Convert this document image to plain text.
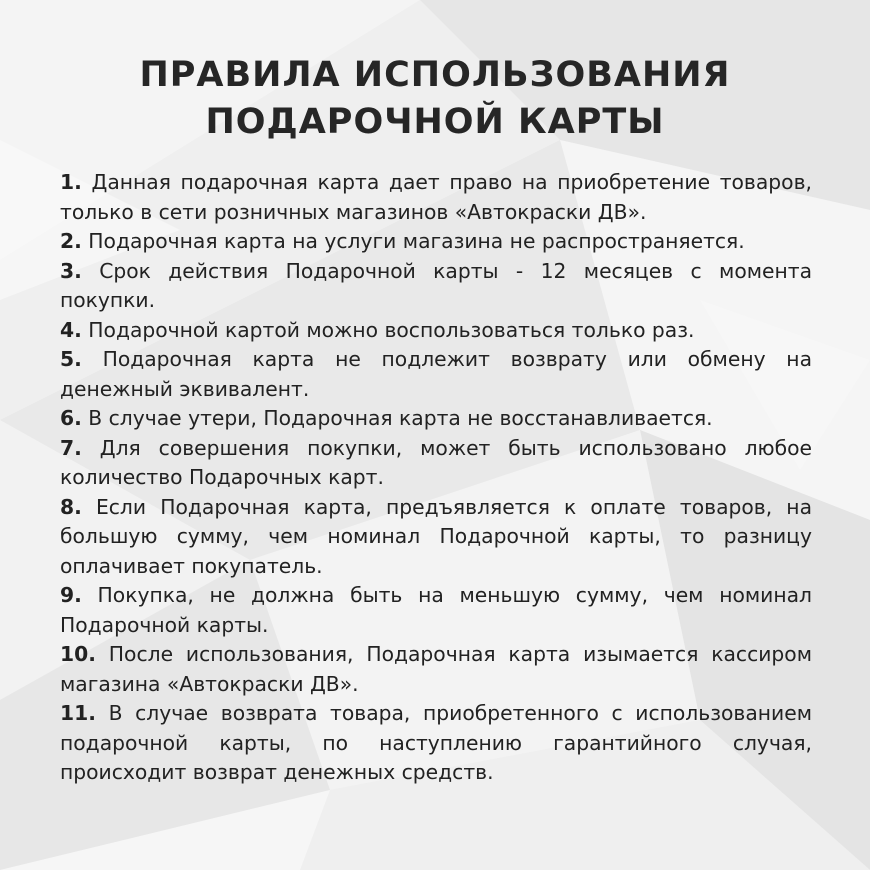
ПРАВИЛА ИСПОЛЬЗОВАНИЯ
ПОДАРОЧНОЙ КАРТЫ
1. Данная подарочная карта дает право на приобретение товаров, только в сети розничных магазинов «Автокраски ДВ».
2. Подарочная карта на услуги магазина не распространяется.
3. Срок действия Подарочной карты - 12 месяцев с момента покупки.
4. Подарочной картой можно воспользоваться только раз.
5. Подарочная карта не подлежит возврату или обмену на денежный эквивалент.
6. В случае утери, Подарочная карта не восстанавливается.
7. Для совершения покупки, может быть использовано любое количество Подарочных карт.
8. Если Подарочная карта, предъявляется к оплате товаров, на большую сумму, чем номинал Подарочной карты, то разницу оплачивает покупатель.
9. Покупка, не должна быть на меньшую сумму, чем номинал Подарочной карты.
10. После использования, Подарочная карта изымается кассиром магазина «Автокраски ДВ».
11. В случае возврата товара, приобретенного с использованием подарочной карты, по наступлению гарантийного случая, происходит возврат денежных средств.
